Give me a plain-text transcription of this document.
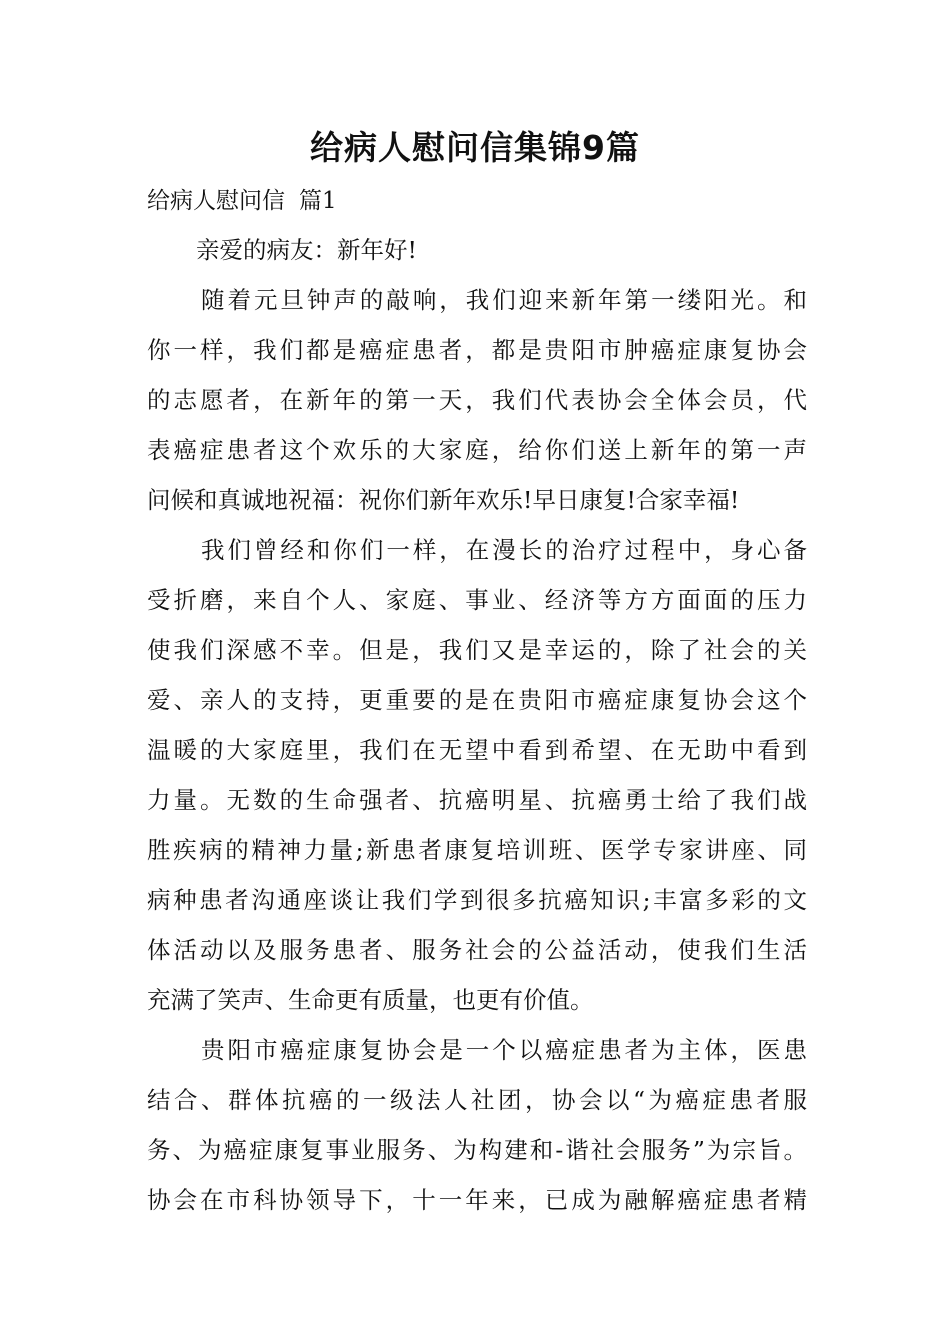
给病人慰问信集锦9篇
给病人慰问信 篇1

亲爱的病友：新年好!

随着元旦钟声的敲响，我们迎来新年第一缕阳光。和
你一样，我们都是癌症患者，都是贵阳市肿癌症康复协会
的志愿者，在新年的第一天，我们代表协会全体会员，代
表癌症患者这个欢乐的大家庭，给你们送上新年的第一声
问候和真诚地祝福：祝你们新年欢乐!早日康复!合家幸福!
我们曾经和你们一样，在漫长的治疗过程中，身心备
受折磨，来自个人、家庭、事业、经济等方方面面的压力
使我们深感不幸。但是，我们又是幸运的，除了社会的关
爱、亲人的支持，更重要的是在贵阳市癌症康复协会这个
温暖的大家庭里，我们在无望中看到希望、在无助中看到
力量。无数的生命强者、抗癌明星、抗癌勇士给了我们战
胜疾病的精神力量;新患者康复培训班、医学专家讲座、同
病种患者沟通座谈让我们学到很多抗癌知识;丰富多彩的文
体活动以及服务患者、服务社会的公益活动，使我们生活
充满了笑声、生命更有质量，也更有价值。
贵阳市癌症康复协会是一个以癌症患者为主体，医患
结合、群体抗癌的一级法人社团，协会以“为癌症患者服
务、为癌症康复事业服务、为构建和-谐社会服务”为宗旨。
协会在市科协领导下，十一年来，已成为融解癌症患者精
